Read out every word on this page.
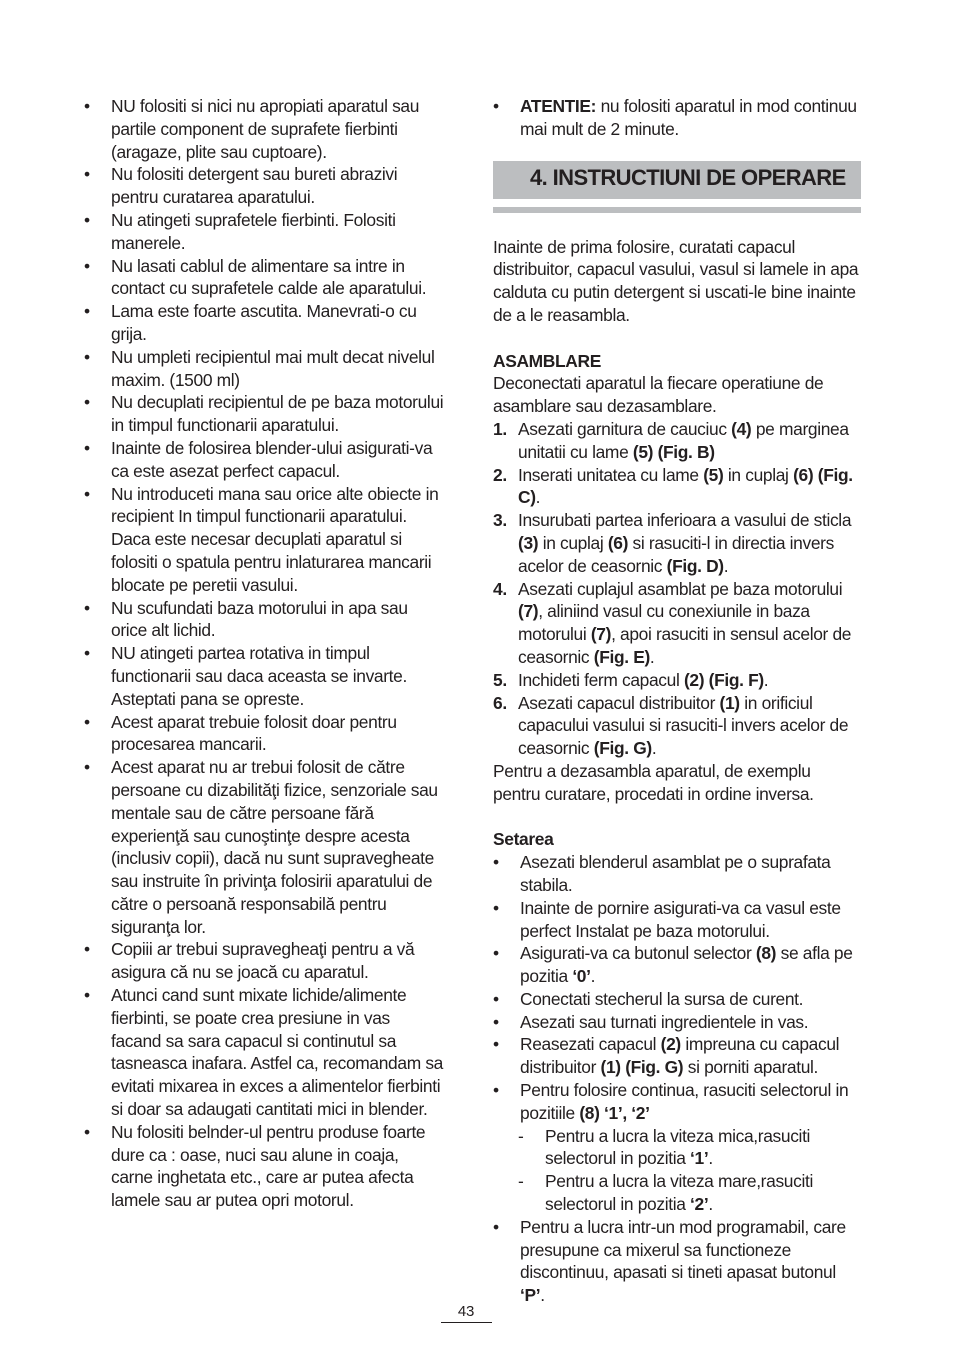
• NU folositi si nici nu apropiati aparatul sau partile component de suprafete fierbinti (aragaze, plite sau cuptoare).
• Nu folositi detergent sau bureti abrazivi pentru curatarea aparatului.
• Nu atingeti suprafetele fierbinti. Folositi manerele.
• Nu lasati cablul de alimentare sa intre in contact cu suprafetele calde ale aparatului.
• Lama este foarte ascutita. Manevrati-o cu grija.
• Nu umpleti recipientul mai mult decat nivelul maxim. (1500 ml)
• Nu decuplati recipientul de pe baza motorului in timpul functionarii aparatului.
• Inainte de folosirea blender-ului asigurati-va ca este asezat perfect capacul.
• Nu introduceti mana sau orice alte obiecte in recipient In timpul functionarii aparatului. Daca este necesar decuplati aparatul si folositi o spatula pentru inlaturarea mancarii blocate pe peretii vasului.
• Nu scufundati baza motorului in apa sau orice alt lichid.
• NU atingeti partea rotativa in timpul functionarii sau daca aceasta se invarte. Asteptati pana se opreste.
• Acest aparat trebuie folosit doar pentru procesarea mancarii.
• Acest aparat nu ar trebui folosit de către persoane cu dizabilităţi fizice, senzoriale sau mentale sau de către persoane fără experienţă sau cunoştinţe despre acesta (inclusiv copii), dacă nu sunt supravegheate sau instruite în privinţa folosirii aparatului de către o persoană responsabilă pentru siguranţa lor.
• Copiii ar trebui supravegheaţi pentru a vă asigura că nu se joacă cu aparatul.
• Atunci cand sunt mixate lichide/alimente fierbinti, se poate crea presiune in vas facand sa sara capacul si continutul sa tasneasca inafara. Astfel ca, recomandam sa evitati mixarea in exces a alimentelor fierbinti si doar sa adaugati cantitati mici in blender.
• Nu folositi belnder-ul pentru produse foarte dure ca : oase, nuci sau alune in coaja, carne inghetata etc., care ar putea afecta lamele sau ar putea opri motorul.
• ATENTIE: nu folositi aparatul in mod continuu mai mult de 2 minute.
4. INSTRUCTIUNI DE OPERARE

Inainte de prima folosire, curatati capacul distribuitor, capacul vasului, vasul si lamele in apa calduta cu putin detergent si uscati-le bine inainte de a le reasambla.

ASAMBLARE

Deconectati aparatul la fiecare operatiune de asamblare sau dezasamblare.

1. Asezati garnitura de cauciuc (4) pe marginea unitatii cu lame (5) (Fig. B)
2. Inserati unitatea cu lame (5) in cuplaj (6) (Fig. C).
3. Insurubati partea inferioara a vasului de sticla (3) in cuplaj (6) si rasuciti-l in directia invers acelor de ceasornic (Fig. D).
4. Asezati cuplajul asamblat pe baza motorului (7), aliniind vasul cu conexiunile in baza motorului (7), apoi rasuciti in sensul acelor de ceasornic (Fig. E).
5. Inchideti ferm capacul (2) (Fig. F).
6. Asezati capacul distribuitor (1) in orificiul capacului vasului si rasuciti-l invers acelor de ceasornic (Fig. G).

Pentru a dezasambla aparatul, de exemplu pentru curatare, procedati in ordine inversa.

Setarea
• Asezati blenderul asamblat pe o suprafata stabila.
• Inainte de pornire asigurati-va ca vasul este perfect Instalat pe baza motorului.
• Asigurati-va ca butonul selector (8) se afla pe pozitia ‘0’.
• Conectati stecherul la sursa de curent.
• Asezati sau turnati ingredientele in vas.
• Reasezati capacul (2) impreuna cu capacul distribuitor (1) (Fig. G) si porniti aparatul.
• Pentru folosire continua, rasuciti selectorul in pozitiile (8) ‘1’, ‘2’
- Pentru a lucra la viteza mica,rasuciti selectorul in pozitia ‘1’.
- Pentru a lucra la viteza mare,rasuciti selectorul in pozitia ‘2’.
• Pentru a lucra intr-un mod programabil, care presupune ca mixerul sa functioneze discontinuu, apasati si tineti apasat butonul ‘P’.
43
